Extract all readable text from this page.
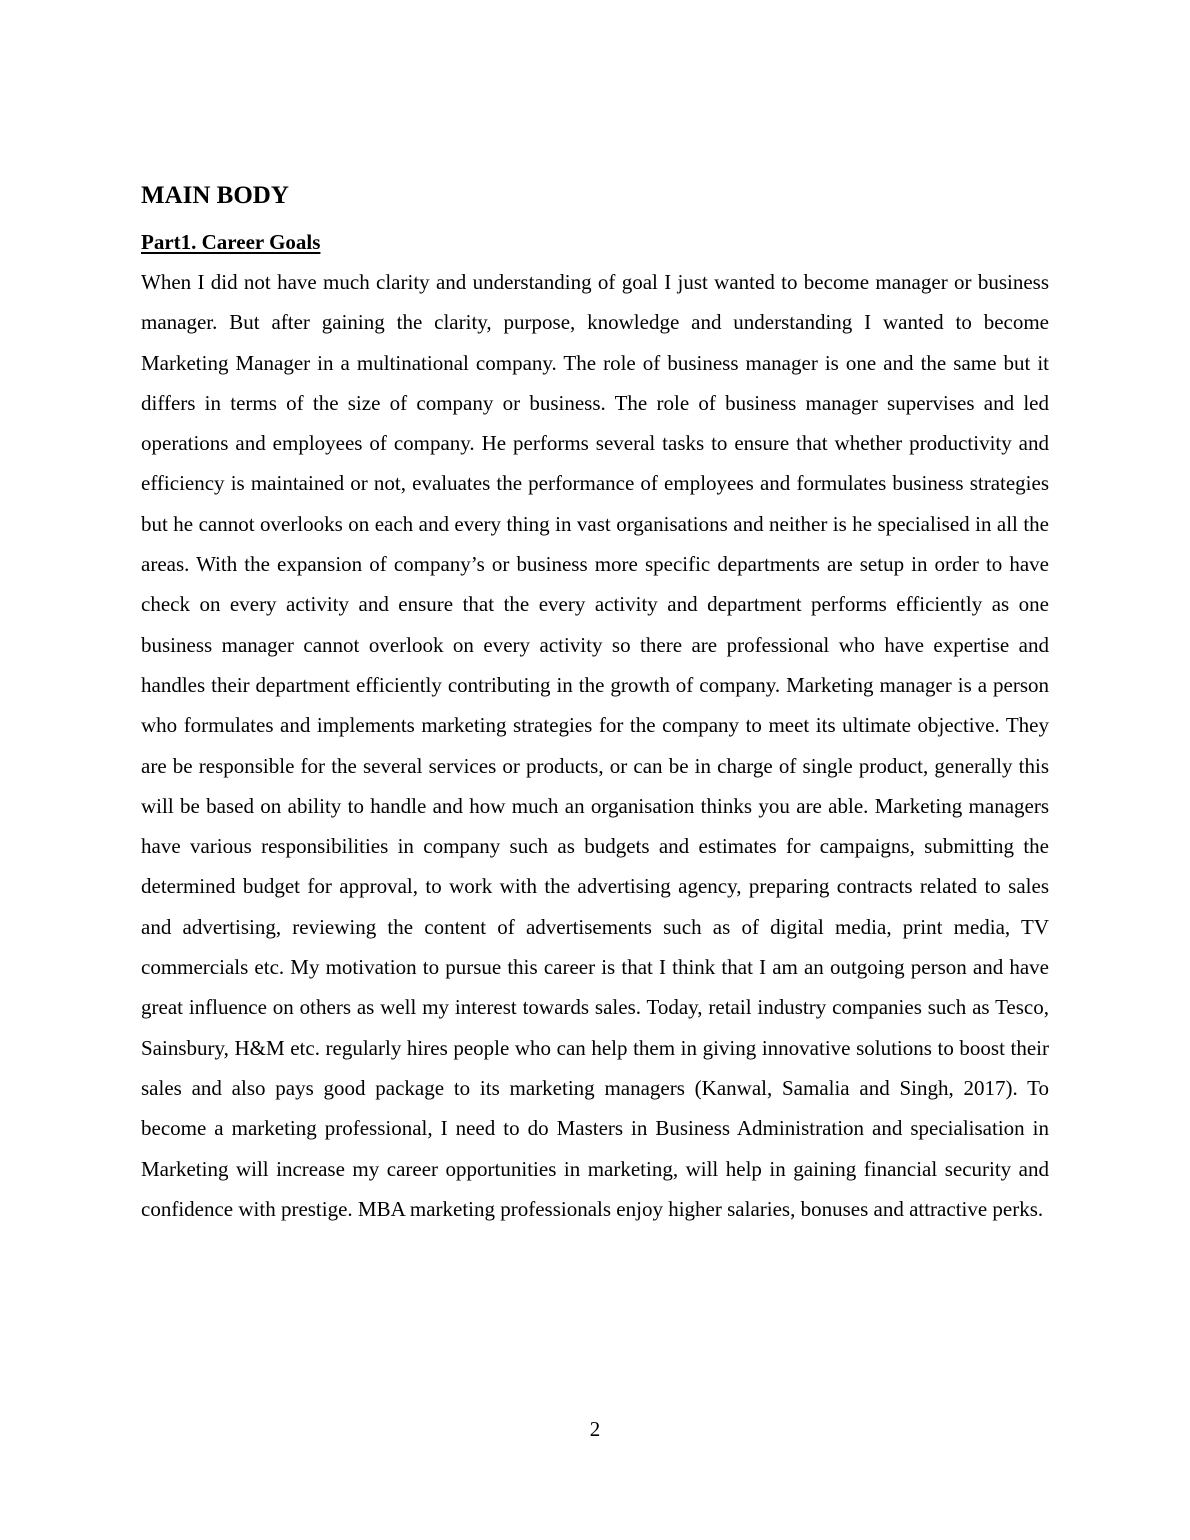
MAIN BODY
Part1. Career Goals

When I did not have much clarity and understanding of goal I just wanted to become manager or business manager. But after gaining the clarity, purpose, knowledge and understanding I wanted to become Marketing Manager in a multinational company. The role of business manager is one and the same but it differs in terms of the size of company or business. The role of business manager supervises and led operations and employees of company. He performs several tasks to ensure that whether productivity and efficiency is maintained or not, evaluates the performance of employees and formulates business strategies but he cannot overlooks on each and every thing in vast organisations and neither is he specialised in all the areas. With the expansion of company’s or business more specific departments are setup in order to have check on every activity and ensure that the every activity and department performs efficiently as one business manager cannot overlook on every activity so there are professional who have expertise and handles their department efficiently contributing in the growth of company. Marketing manager is a person who formulates and implements marketing strategies for the company to meet its ultimate objective. They are be responsible for the several services or products, or can be in charge of single product, generally this will be based on ability to handle and how much an organisation thinks you are able. Marketing managers have various responsibilities in company such as budgets and estimates for campaigns, submitting the determined budget for approval, to work with the advertising agency, preparing contracts related to sales and advertising, reviewing the content of advertisements such as of digital media, print media, TV commercials etc. My motivation to pursue this career is that I think that I am an outgoing person and have great influence on others as well my interest towards sales. Today, retail industry companies such as Tesco, Sainsbury, H&M etc. regularly hires people who can help them in giving innovative solutions to boost their sales and also pays good package to its marketing managers (Kanwal, Samalia and Singh, 2017). To become a marketing professional, I need to do Masters in Business Administration and specialisation in Marketing will increase my career opportunities in marketing, will help in gaining financial security and confidence with prestige. MBA marketing professionals enjoy higher salaries, bonuses and attractive perks.

2
